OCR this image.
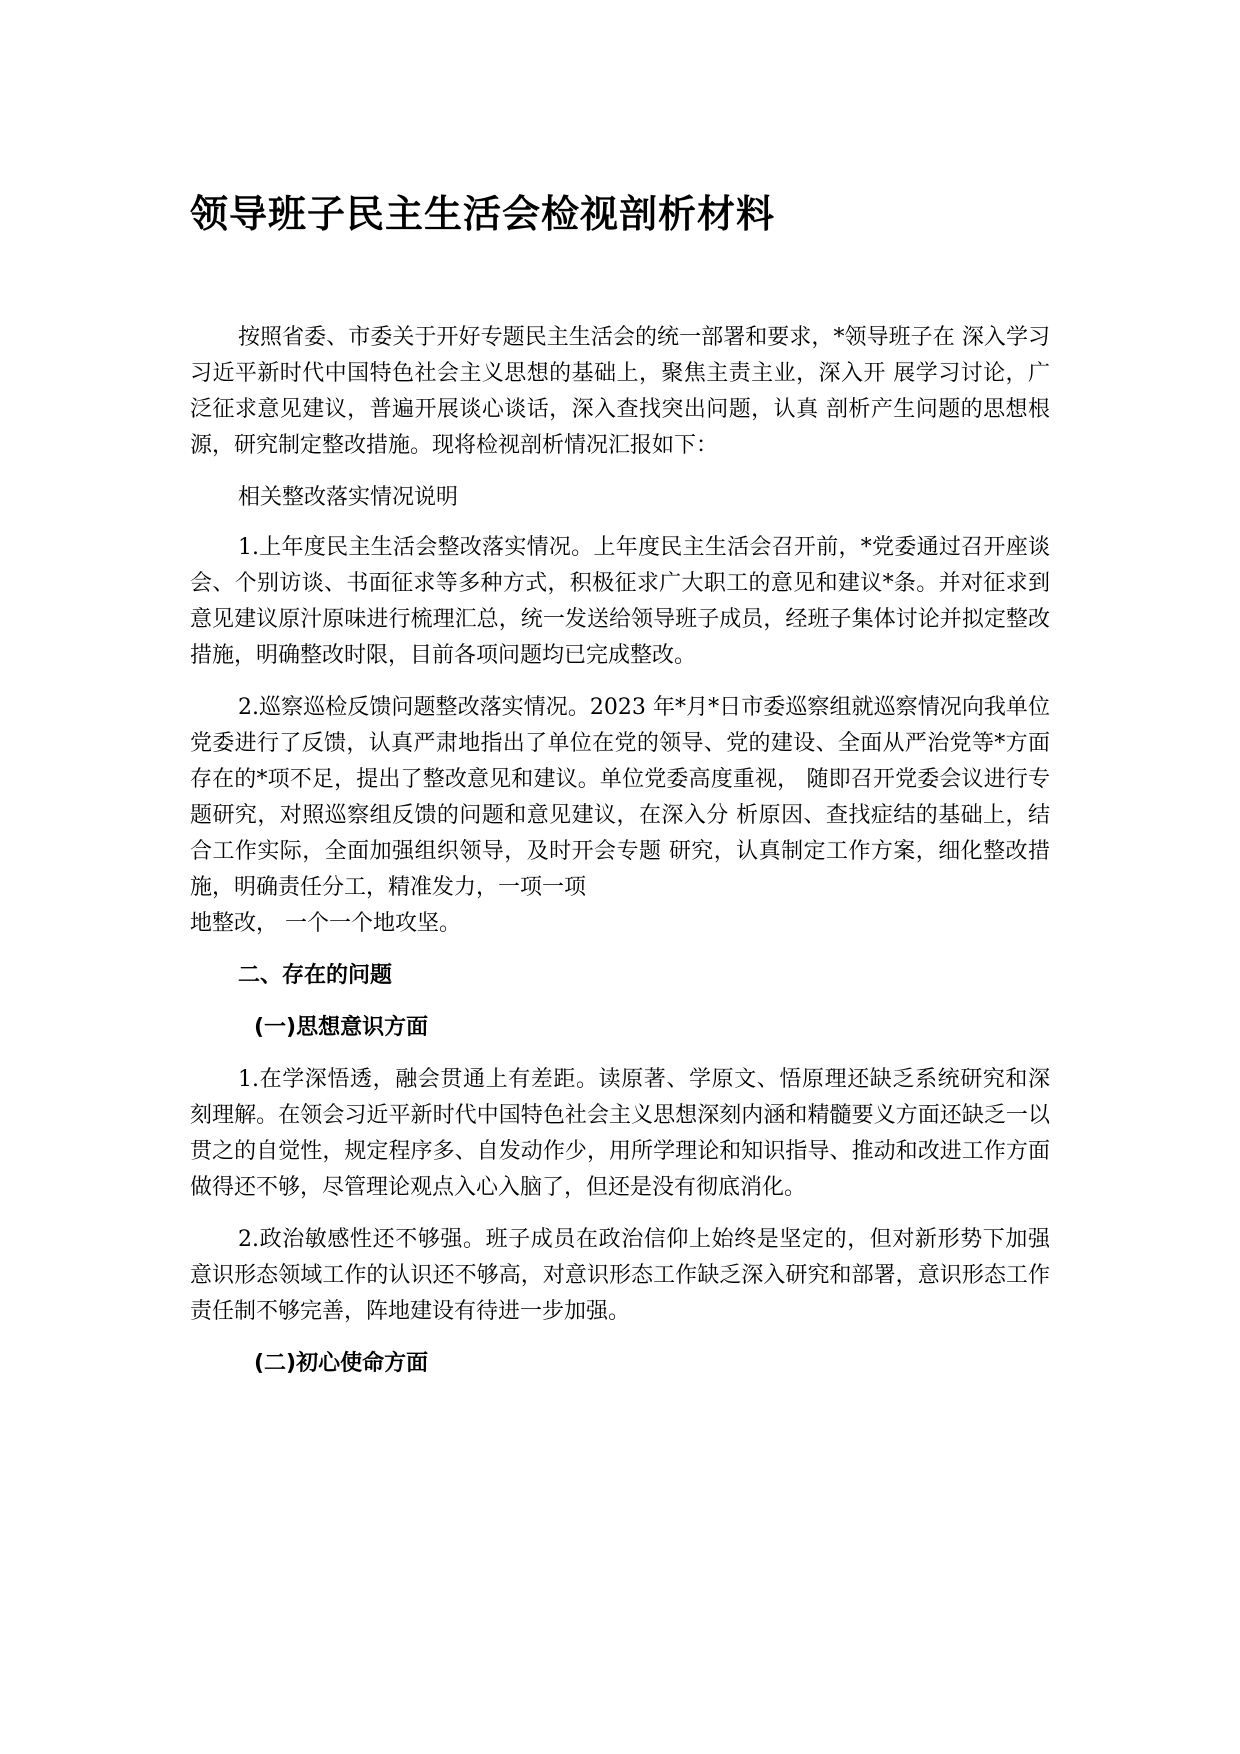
领导班子民主生活会检视剖析材料

按照省委、市委关于开好专题民主生活会的统一部署和要求，*领导班子在 深入学习习近平新时代中国特色社会主义思想的基础上，聚焦主责主业，深入开 展学习讨论，广泛征求意见建议，普遍开展谈心谈话，深入查找突出问题，认真 剖析产生问题的思想根源，研究制定整改措施。现将检视剖析情况汇报如下：

相关整改落实情况说明

1.上年度民主生活会整改落实情况。上年度民主生活会召开前，*党委通过召开座谈会、个别访谈、书面征求等多种方式，积极征求广大职工的意见和建议*条。并对征求到意见建议原汁原味进行梳理汇总，统一发送给领导班子成员，经班子集体讨论并拟定整改措施，明确整改时限，目前各项问题均已完成整改。

2.巡察巡检反馈问题整改落实情况。2023 年*月*日市委巡察组就巡察情况向我单位党委进行了反馈，认真严肃地指出了单位在党的领导、党的建设、全面从严治党等*方面存在的*项不足，提出了整改意见和建议。单位党委高度重视， 随即召开党委会议进行专题研究，对照巡察组反馈的问题和意见建议，在深入分 析原因、查找症结的基础上，结合工作实际，全面加强组织领导，及时开会专题 研究，认真制定工作方案，细化整改措施，明确责任分工，精准发力，一项一项
地整改， 一个一个地攻坚。

二、存在的问题
(一)思想意识方面

1.在学深悟透，融会贯通上有差距。读原著、学原文、悟原理还缺乏系统研究和深刻理解。在领会习近平新时代中国特色社会主义思想深刻内涵和精髓要义方面还缺乏一以贯之的自觉性，规定程序多、自发动作少，用所学理论和知识指导、推动和改进工作方面做得还不够，尽管理论观点入心入脑了，但还是没有彻底消化。

2.政治敏感性还不够强。班子成员在政治信仰上始终是坚定的，但对新形势下加强意识形态领域工作的认识还不够高，对意识形态工作缺乏深入研究和部署，意识形态工作责任制不够完善，阵地建设有待进一步加强。

(二)初心使命方面
